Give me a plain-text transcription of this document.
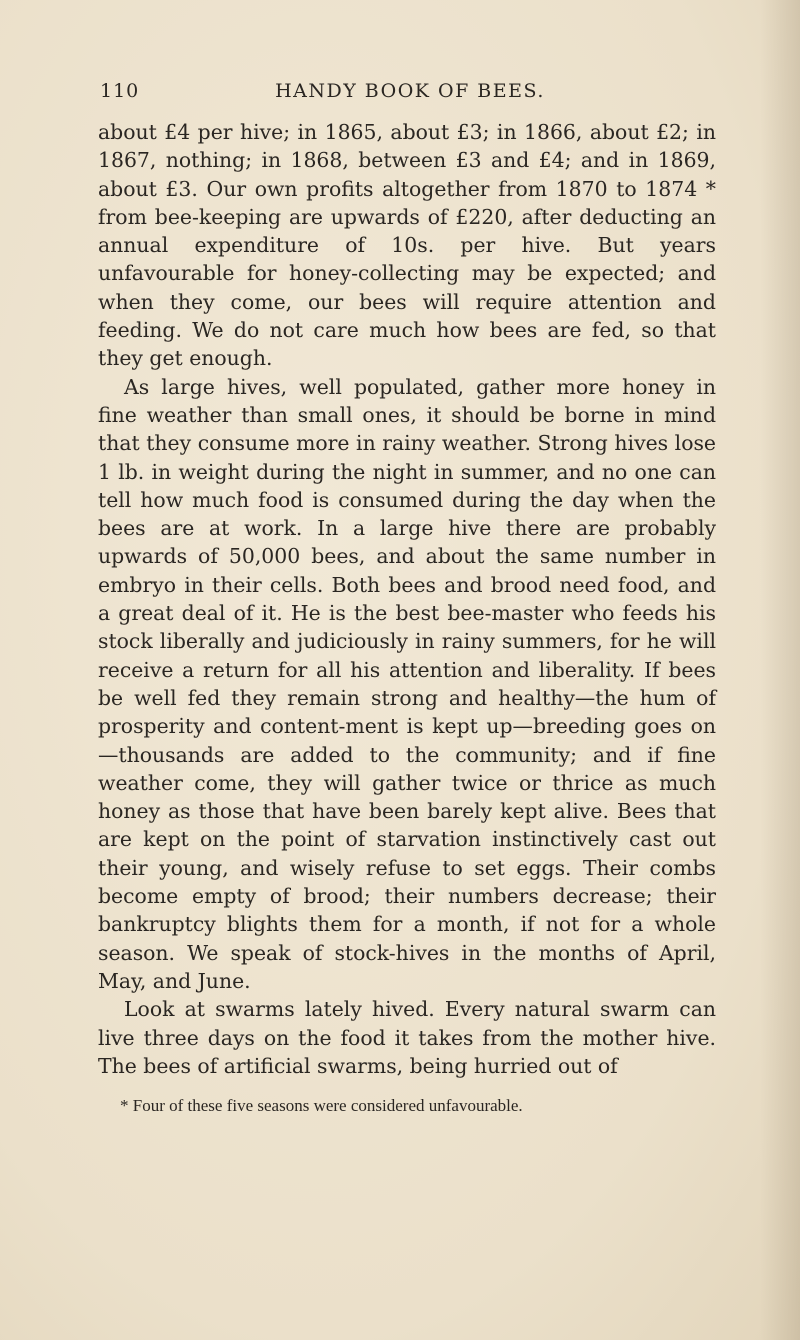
110	HANDY BOOK OF BEES.

about £4 per hive; in 1865, about £3; in 1866, about £2; in 1867, nothing; in 1868, between £3 and £4; and in 1869, about £3. Our own profits altogether from 1870 to 1874 * from bee-keeping are upwards of £220, after deducting an annual expenditure of 10s. per hive. But years unfavourable for honey-collecting may be expected; and when they come, our bees will require attention and feeding. We do not care much how bees are fed, so that they get enough.

As large hives, well populated, gather more honey in fine weather than small ones, it should be borne in mind that they consume more in rainy weather. Strong hives lose 1 lb. in weight during the night in summer, and no one can tell how much food is consumed during the day when the bees are at work. In a large hive there are probably upwards of 50,000 bees, and about the same number in embryo in their cells. Both bees and brood need food, and a great deal of it. He is the best bee-master who feeds his stock liberally and judiciously in rainy summers, for he will receive a return for all his attention and liberality. If bees be well fed they remain strong and healthy—the hum of prosperity and content-ment is kept up—breeding goes on—thousands are added to the community; and if fine weather come, they will gather twice or thrice as much honey as those that have been barely kept alive. Bees that are kept on the point of starvation instinctively cast out their young, and wisely refuse to set eggs. Their combs become empty of brood; their numbers decrease; their bankruptcy blights them for a month, if not for a whole season. We speak of stock-hives in the months of April, May, and June.

Look at swarms lately hived. Every natural swarm can live three days on the food it takes from the mother hive. The bees of artificial swarms, being hurried out of

* Four of these five seasons were considered unfavourable.
